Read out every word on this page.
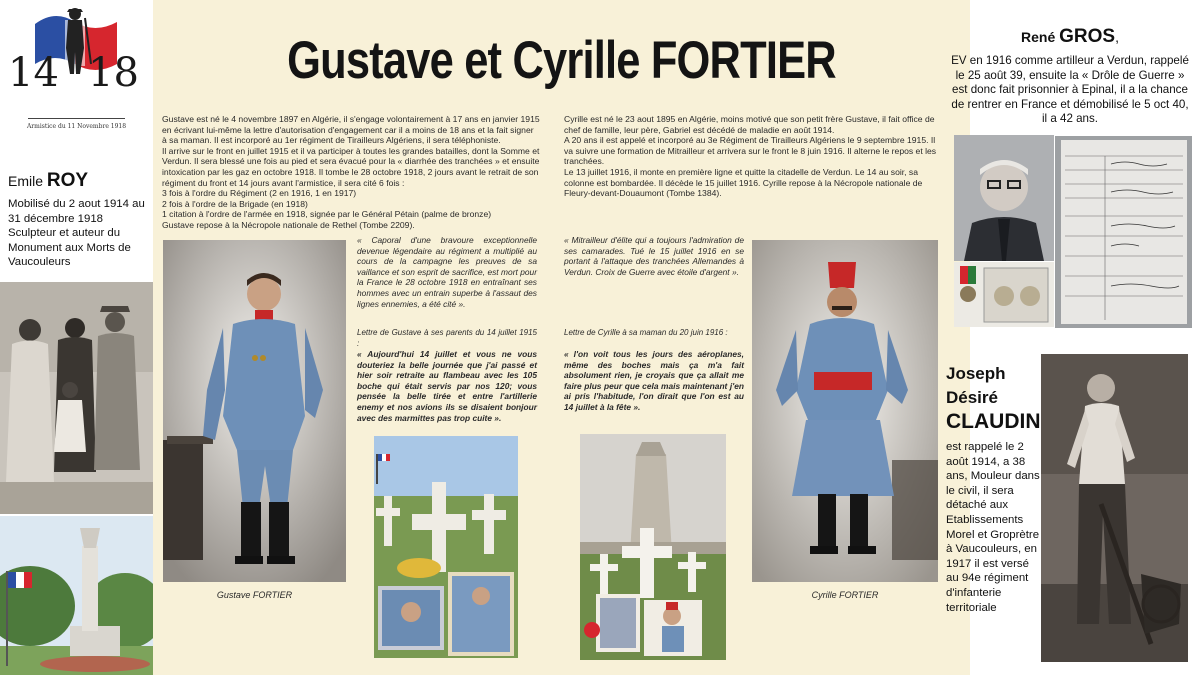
14 18
Armistice du 11 Novembre 1918
Emile ROY
Mobilisé du 2 aout 1914 au 31 décembre 1918 Sculpteur et auteur du Monument aux Morts de Vaucouleurs
Gustave et Cyrille FORTIER

Gustave est né le 4 novembre 1897 en Algérie, il s'engage volontairement à 17 ans en janvier 1915 en écrivant lui-même la lettre d'autorisation d'engagement car il a moins de 18 ans et la fait signer à sa maman. Il est incorporé au 1er régiment de Tirailleurs Algériens, il sera téléphoniste.

Il arrive sur le front en juillet 1915 et il va participer à toutes les grandes batailles, dont la Somme et Verdun. Il sera blessé une fois au pied et sera évacué pour la « diarrhée des tranchées » et ensuite intoxication par les gaz en octobre 1918. Il tombe le 28 octobre 1918, 2 jours avant le retrait de son régiment du front et 14 jours avant l'armistice, il sera cité 6 fois :

3 fois à l'ordre du Régiment (2 en 1916, 1 en 1917)

2 fois à l'ordre de la Brigade (en 1918)

1 citation à l'ordre de l'armée en 1918, signée par le Général Pétain (palme de bronze)

Gustave repose à la Nécropole nationale de Rethel (Tombe 2209).

Cyrille est né le 23 aout 1895 en Algérie, moins motivé que son petit frère Gustave, il fait office de chef de famille, leur père, Gabriel est décédé de maladie en août 1914.

A 20 ans il est appelé et incorporé au 3e Régiment de Tirailleurs Algériens le 9 septembre 1915. Il va suivre une formation de Mitrailleur et arrivera sur le front le 8 juin 1916. Il alterne le repos et les tranchées.

Le 13 juillet 1916, il monte en première ligne et quitte la citadelle de Verdun. Le 14 au soir, sa colonne est bombardée. Il décède le 15 juillet 1916. Cyrille repose à la Nécropole nationale de Fleury-devant-Douaumont (Tombe 1384).

Gustave FORTIER
« Caporal d'une bravoure exceptionnelle devenue légendaire au régiment a multiplié au cours de la campagne les preuves de sa vaillance et son esprit de sacrifice, est mort pour la France le 28 octobre 1918 en entraînant ses hommes avec un entrain superbe à l'assaut des lignes ennemies, a été cité ».
Lettre de Gustave à ses parents du 14 juillet 1915 :
« Aujourd'hui 14 juillet et vous ne vous douteriez la belle journée que j'ai passé et hier soir retraite au flambeau avec les 105 boche qui était servis par nos 120; vous pensée la belle tirée et entre l'artillerie enemy et nos avions ils se disaient bonjour avec des marmittes pas trop cuite ».
« Mitrailleur d'élite qui a toujours l'admiration de ses camarades. Tué le 15 juillet 1916 en se portant à l'attaque des tranchées Allemandes à Verdun. Croix de Guerre avec étoile d'argent ».
Lettre de Cyrille à sa maman du 20 juin 1916 :
« l'on voit tous les jours des aéroplanes, même des boches mais ça m'a fait absolument rien, je croyais que ça allait me faire plus peur que cela mais maintenant j'en ai pris l'habitude, l'on dirait que l'on est au 14 juillet à la fête ».
Cyrille FORTIER
René GROS,
EV en 1916 comme artilleur a Verdun, rappelé le 25 août 39, ensuite la « Drôle de Guerre » est donc fait prisonnier à Epinal, il a la chance de rentrer en France et démobilisé le 5 oct 40, il a 42 ans.
Joseph
Désiré
CLAUDIN
est rappelé le 2 août 1914, a 38 ans, Mouleur dans le civil, il sera détaché aux Etablissements Morel et Groprètre à Vaucouleurs, en 1917 il est versé au 94e régiment d'infanterie territoriale
